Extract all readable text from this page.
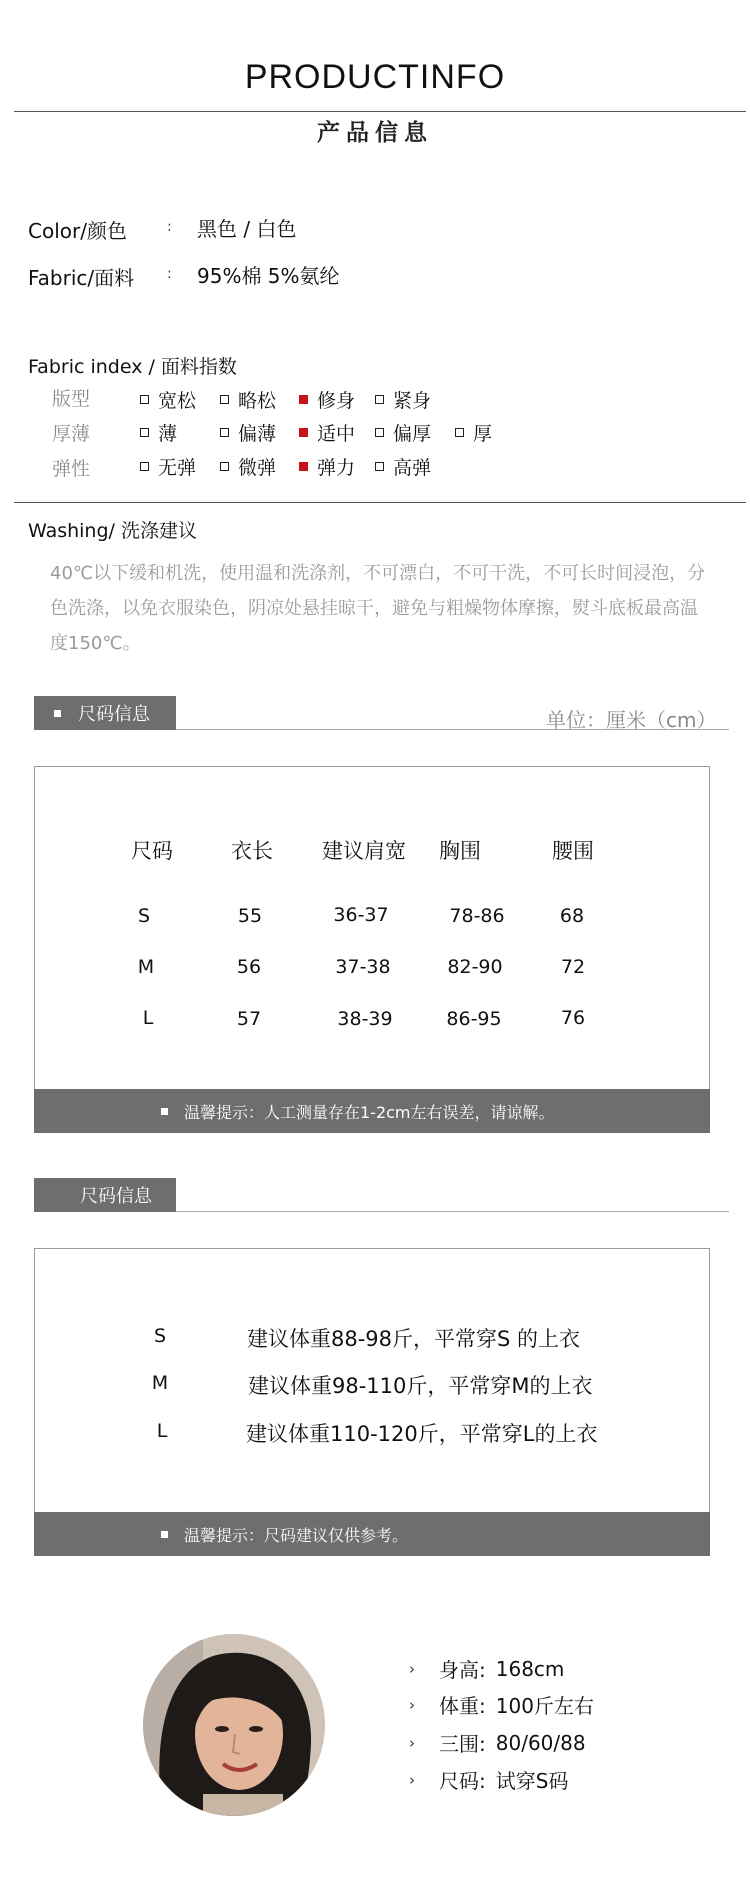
PRODUCTINFO
产品信息
Color/颜色	: 黑色 / 白色
Fabric/面料 : 95%棉 5%氨纶
Fabric index / 面料指数
版型	宽松 略松 修身 紧身
厚薄	薄	偏薄 适中 偏厚 厚
弹性	无弹 微弹 弹力 高弹
Washing/ 洗涤建议
40℃以下缓和机洗，使用温和洗涤剂，不可漂白，不可干洗，不可长时间浸泡，分色洗涤，以免衣服染色，阴凉处悬挂晾干，避免与粗燥物体摩擦，熨斗底板最高温度150℃。
尺码信息	单位：厘米（cm）
尺码	衣长	建议肩宽	胸围	腰围
S	55	36-37	78-86	68
M	56	37-38	82-90	72
L	57	38-39	86-95	76
温馨提示：人工测量存在1-2cm左右误差，请谅解。
尺码信息
S	建议体重88-98斤，平常穿S 的上衣
M	建议体重98-110斤，平常穿M的上衣
L	建议体重110-120斤，平常穿L的上衣
温馨提示：尺码建议仅供参考。
›	身高: 168cm
›	体重: 100斤左右
›	三围: 80/60/88
›	尺码: 试穿S码
